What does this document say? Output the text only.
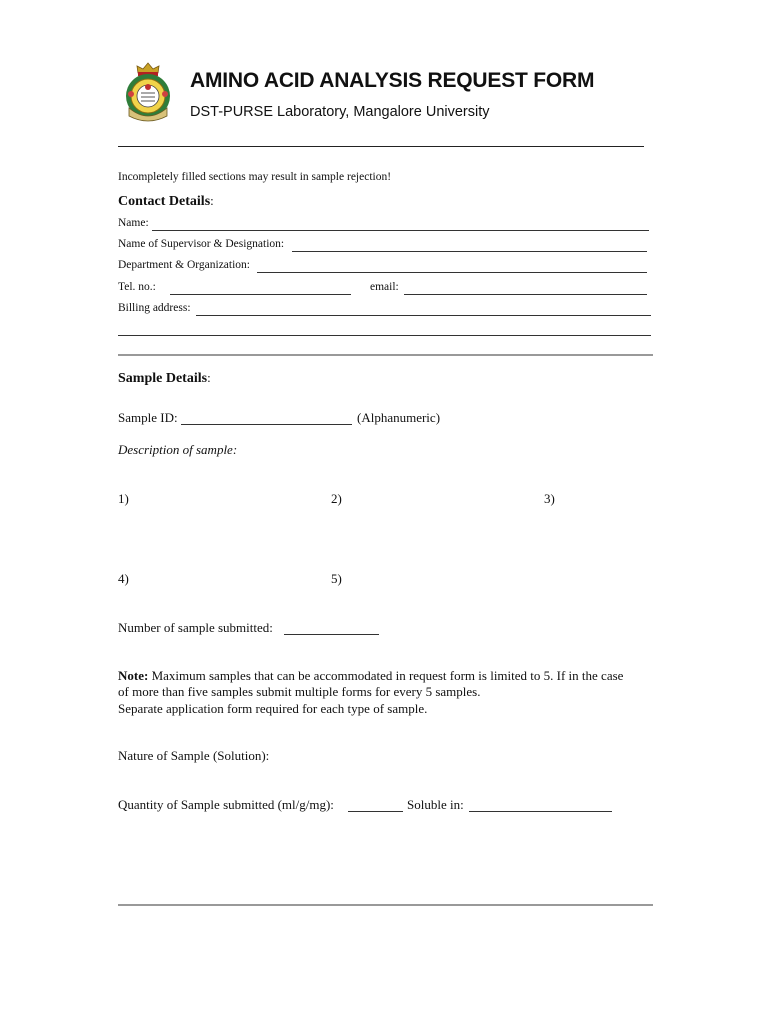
AMINO ACID ANALYSIS REQUEST FORM
DST-PURSE Laboratory, Mangalore University
Incompletely filled sections may result in sample rejection!
Contact Details:
Name:
Name of Supervisor & Designation:
Department & Organization:
Tel. no.:	email:
Billing address:
Sample Details:
Sample ID:	(Alphanumeric)
Description of sample:
1)	2)	3)
4)	5)
Number of sample submitted:
Note: Maximum samples that can be accommodated in request form is limited to 5. If in the case
of more than five samples submit multiple forms for every 5 samples.
Separate application form required for each type of sample.
Nature of Sample (Solution):
Quantity of Sample submitted (ml/g/mg):	Soluble in:
